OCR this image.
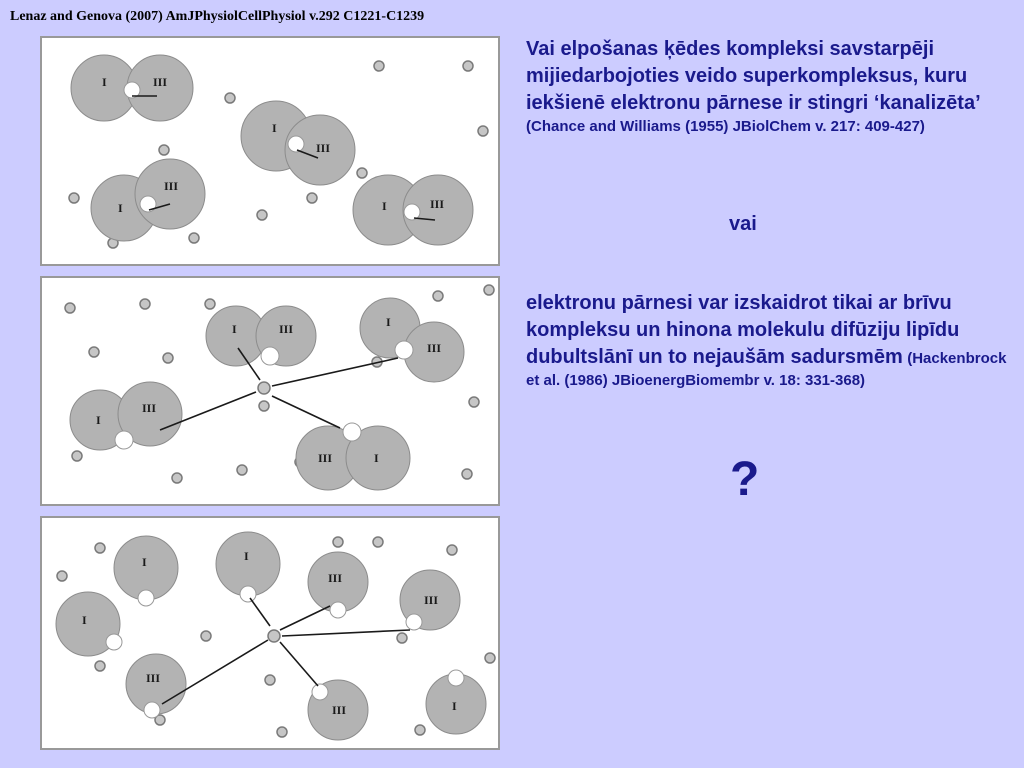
Lenaz and Genova (2007) AmJPhysiolCellPhysiol v.292 C1221-C1239
I	III
I
III
I
III
I	III
I	III	I
III
I
III
III	I
I	I
III
III
I
III
III	I
Vai elpošanas ķēdes kompleksi savstarpēji mijiedarbojoties veido superkompleksus, kuru iekšienē elektronu pārnese ir stingri ‘kanalizēta’ (Chance and Williams (1955) JBiolChem v. 217: 409-427)
vai
elektronu pārnesi var izskaidrot tikai ar brīvu kompleksu un hinona molekulu difūziju lipīdu dubultslānī un to nejaušām sadursmēm (Hackenbrock et al. (1986) JBioenergBiomembr v. 18: 331-368)
?
